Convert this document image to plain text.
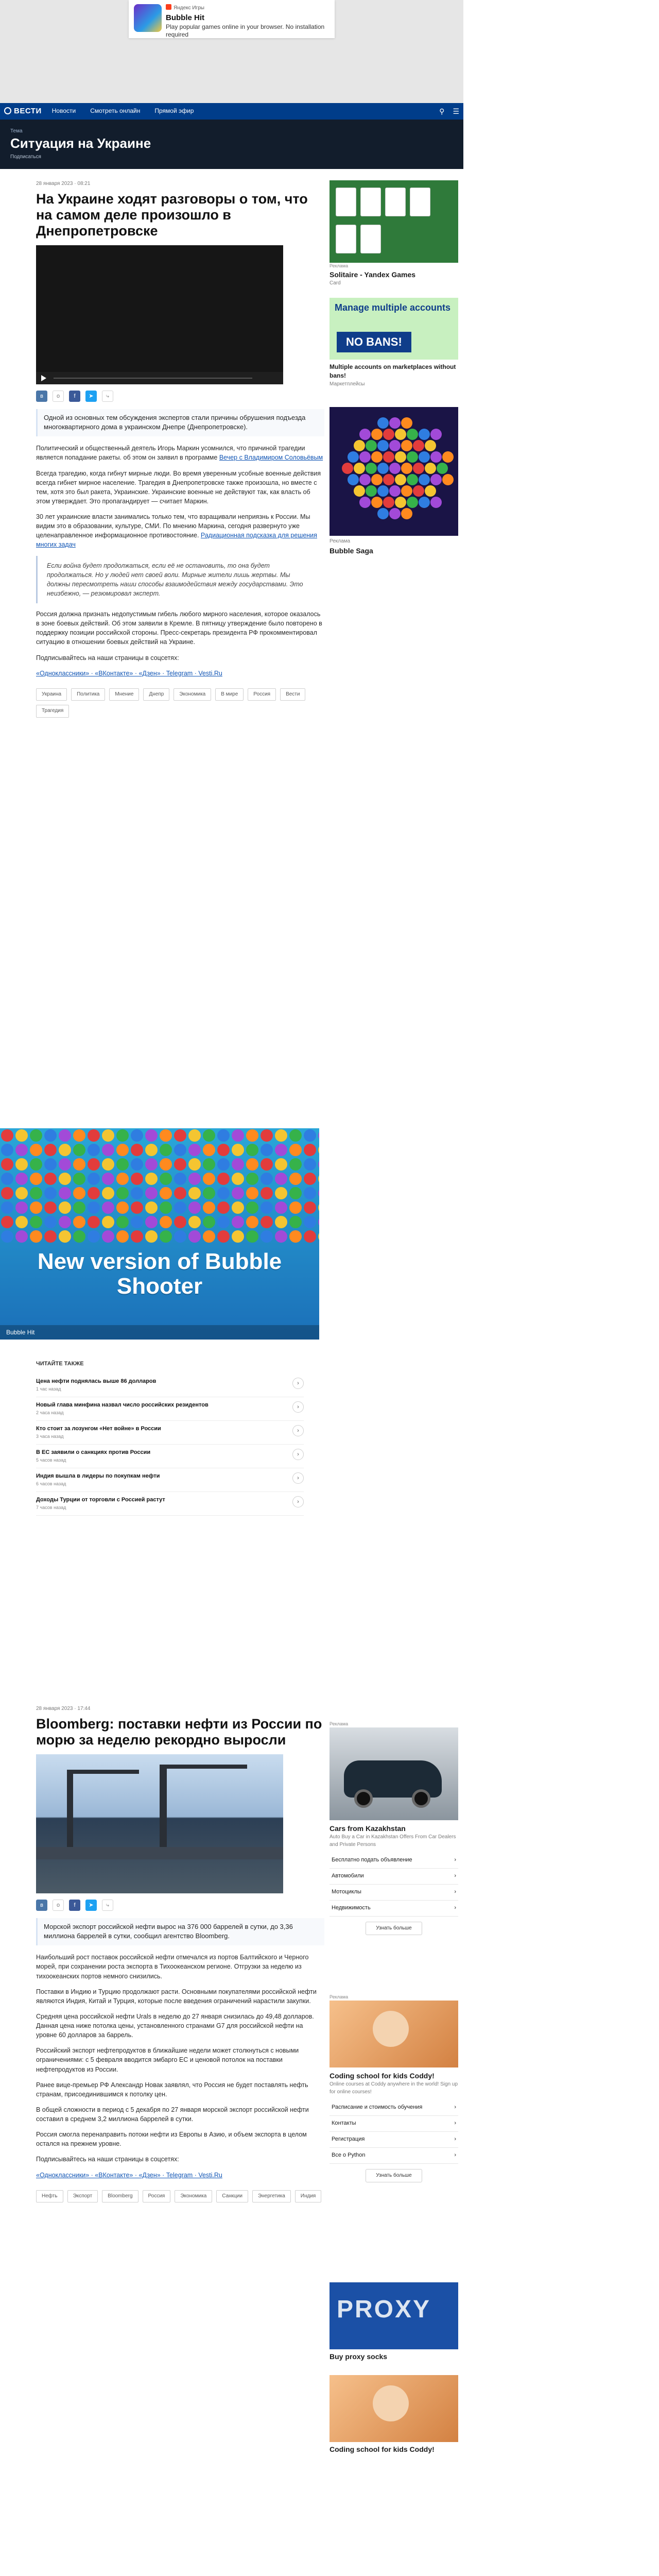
Яндекс Игры
Bubble Hit
Play popular games online in your browser. No installation required
ВЕСТИ Новости Смотреть онлайн Прямой эфир	⚲ ☰
Тема
Ситуация на Украине
Подписаться
28 января 2023 · 08:21
На Украине ходят разговоры о том, что на самом деле произошло в Днепропетровске
в	о	f	➤	⤷
Одной из основных тем обсуждения экспертов стали причины обрушения подъезда многоквартирного дома в украинском Днепре (Днепропетровске).
Политический и общественный деятель Игорь Маркин усомнился, что причиной трагедии является попадание ракеты. об этом он заявил в программе Вечер с Владимиром Соловьёвым
Всегда трагедию, когда гибнут мирные люди. Во время уверенным усобные военные действия всегда гибнет мирное население. Трагедия в Днепропетровске также произошла, но вместе с тем, хотя это был ракета, Украинские. Украинские военные не действуют так, как власть об этом утверждает. Это пропагандирует — считает Маркин.
30 лет украинские власти занимались только тем, что взращивали неприязнь к России. Мы видим это в образовании, культуре, СМИ. По мнению Маркина, сегодня развернуто уже целенаправленное информационное противостояние. Радиационная подсказка для решения многих задач
Если война будет продолжаться, если её не остановить, то она будет продолжаться. Но у людей нет своей воли. Мирные жители лишь жертвы. Мы должны пересмотреть наши способы взаимодействия между государствами. Это неизбежно, — резюмировал эксперт.
Россия должна признать недопустимым гибель любого мирного населения, которое оказалось в зоне боевых действий. Об этом заявили в Кремле. В пятницу утверждение было повторено в поддержку позиции российской стороны. Пресс-секретарь президента РФ прокомментировал ситуацию в отношении боевых действий на Украине.
Подписывайтесь на наши страницы в соцсетях:
«Одноклассники» · «ВКонтакте» · «Дзен» · Telegram · Vesti.Ru
Украина	Политика	Мнение	Днепр	Экономика	В мире	Россия	Вести
Трагедия
Рекламa
Solitaire - Yandex Games
Card
Manage multiple accounts
NO BANS!
Multiple accounts on marketplaces without bans!
Маркетплейсы
Реклама
Bubble Saga
New version of Bubble Shooter
Bubble Hit
ЧИТАЙТЕ ТАКЖЕ
Цена нефти поднялась выше 86 долларов
1 час назад
›
Новый глава минфина назвал число российских резидентов
2 часа назад
›
Кто стоит за лозунгом «Нет войне» в России
3 часа назад
›
В ЕС заявили о санкциях против России
5 часов назад
›
Индия вышла в лидеры по покупкам нефти
6 часов назад
›
Доходы Турции от торговли с Россией растут
7 часов назад
›
28 января 2023 · 17:44
Bloomberg: поставки нефти из России по морю за неделю рекордно выросли
в	о	f	➤	⤷
Морской экспорт российской нефти вырос на 376 000 баррелей в сутки, до 3,36 миллиона баррелей в сутки, сообщил агентство Bloomberg.
Наибольший рост поставок российской нефти отмечался из портов Балтийского и Черного морей, при сохранении роста экспорта в Тихоокеанском регионе. Отгрузки за неделю из тихоокеанских портов немного снизились.
Поставки в Индию и Турцию продолжают расти. Основными покупателями российской нефти являются Индия, Китай и Турция, которые после введения ограничений нарастили закупки.
Средняя цена российской нефти Urals в неделю до 27 января снизилась до 49,48 долларов. Данная цена ниже потолка цены, установленного странами G7 для российской нефти на уровне 60 долларов за баррель.
Российский экспорт нефтепродуктов в ближайшие недели может столкнуться с новыми ограничениями: с 5 февраля вводится эмбарго ЕС и ценовой потолок на поставки нефтепродуктов из России.
Ранее вице-премьер РФ Александр Новак заявлял, что Россия не будет поставлять нефть странам, присоединившимся к потолку цен.
В общей сложности в период с 5 декабря по 27 января морской экспорт российской нефти составил в среднем 3,2 миллиона баррелей в сутки.
Россия смогла перенаправить потоки нефти из Европы в Азию, и объем экспорта в целом остался на прежнем уровне.
Подписывайтесь на наши страницы в соцсетях:
«Одноклассники» · «ВКонтакте» · «Дзен» · Telegram · Vesti.Ru
Нефть	Экспорт	Bloomberg	Россия	Экономика	Санкции	Энергетика	Индия
Реклама
Cars from Kazakhstan
Auto Buy a Car in Kazakhstan Offers From Car Dealers and Private Persons
Бесплатно подать объявление	›
Автомобили	›
Мотоциклы	›
Недвижимость	›
Узнать больше
Реклама
Coding school for kids Coddy!
Online courses at Coddy anywhere in the world! Sign up for online courses!
Расписание и стоимость обучения	›
Контакты	›
Регистрация	›
Все о Python	›
Узнать больше
PROXY
Buy proxy socks
Coding school for kids Coddy!
